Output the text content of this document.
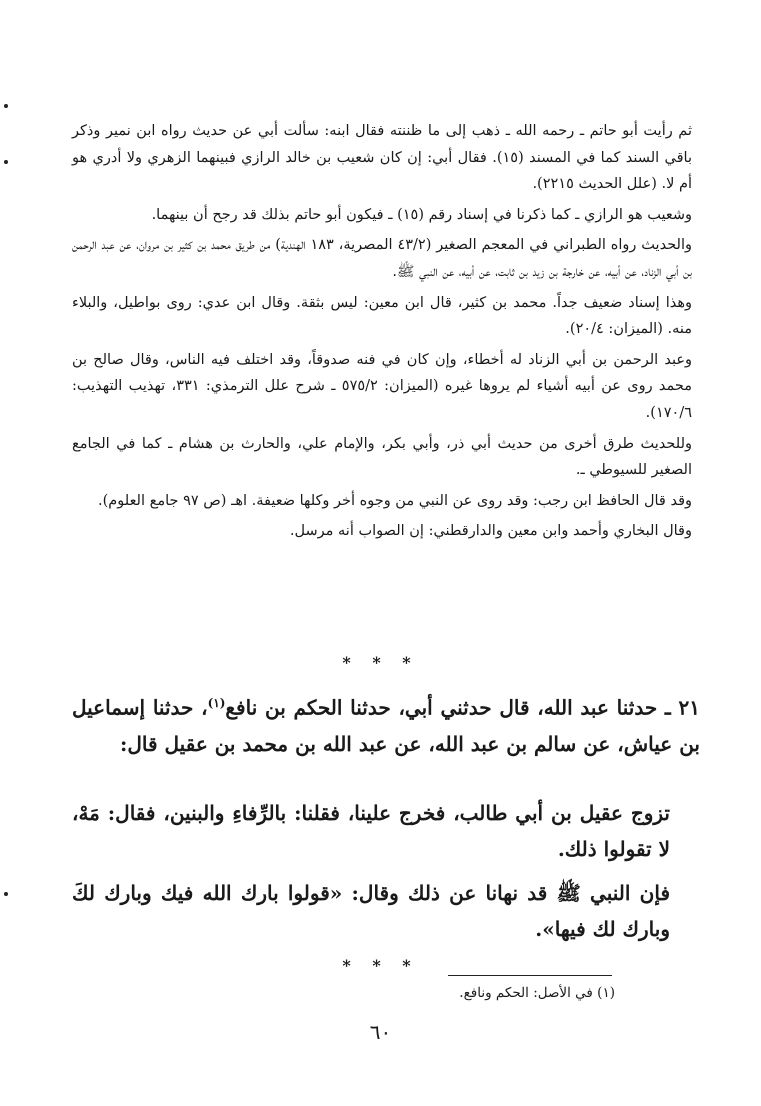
ثم رأيت أبو حاتم ـ رحمه الله ـ ذهب إلى ما ظننته فقال ابنه: سألت أبي عن حديث رواه ابن نمير وذكر باقي السند كما في المسند (١٥). فقال أبي: إن كان شعيب بن خالد الرازي فبينهما الزهري ولا أدري هو أم لا. (علل الحديث ٢٢١٥).

وشعيب هو الرازي ـ كما ذكرنا في إسناد رقم (١٥) ـ فيكون أبو حاتم بذلك قد رجح أن بينهما.

والحديث رواه الطبراني في المعجم الصغير (٤٣/٢ المصرية، ١٨٣ الهندية) من طريق محمد بن كثير بن مروان، عن عبد الرحمن بن أبي الزناد، عن أبيه، عن خارجة بن زيد بن ثابت، عن أبيه، عن النبي ﷺ.

وهذا إسناد ضعيف جداً. محمد بن كثير، قال ابن معين: ليس بثقة. وقال ابن عدي: روى بواطيل، والبلاء منه. (الميزان: ٢٠/٤).

وعبد الرحمن بن أبي الزناد له أخطاء، وإن كان في فنه صدوقاً، وقد اختلف فيه الناس، وقال صالح بن محمد روى عن أبيه أشياء لم يروها غيره (الميزان: ٥٧٥/٢ ـ شرح علل الترمذي: ٣٣١، تهذيب التهذيب: ١٧٠/٦).

وللحديث طرق أخرى من حديث أبي ذر، وأبي بكر، والإمام علي، والحارث بن هشام ـ كما في الجامع الصغير للسيوطي ـ.

وقد قال الحافظ ابن رجب: وقد روى عن النبي من وجوه أخر وكلها ضعيفة. اهـ (ص ٩٧ جامع العلوم).

وقال البخاري وأحمد وابن معين والدارقطني: إن الصواب أنه مرسل.

* * *

٢١ ـ حدثنا عبد الله، قال حدثني أبي، حدثنا الحكم بن نافع$^{(١)}$، حدثنا إسماعيل بن عياش، عن سالم بن عبد الله، عن عبد الله بن محمد بن عقيل قال:

تزوج عقيل بن أبي طالب، فخرج علينا، فقلنا: بالرِّفاءِ والبنين، فقال: مَهْ، لا تقولوا ذلك.

فإن النبي ﷺ قد نهانا عن ذلك وقال: «قولوا بارك الله فيك وبارك لكَ وبارك لك فيها».

* * *
(١) في الأصل: الحكم ونافع.
٦٠
